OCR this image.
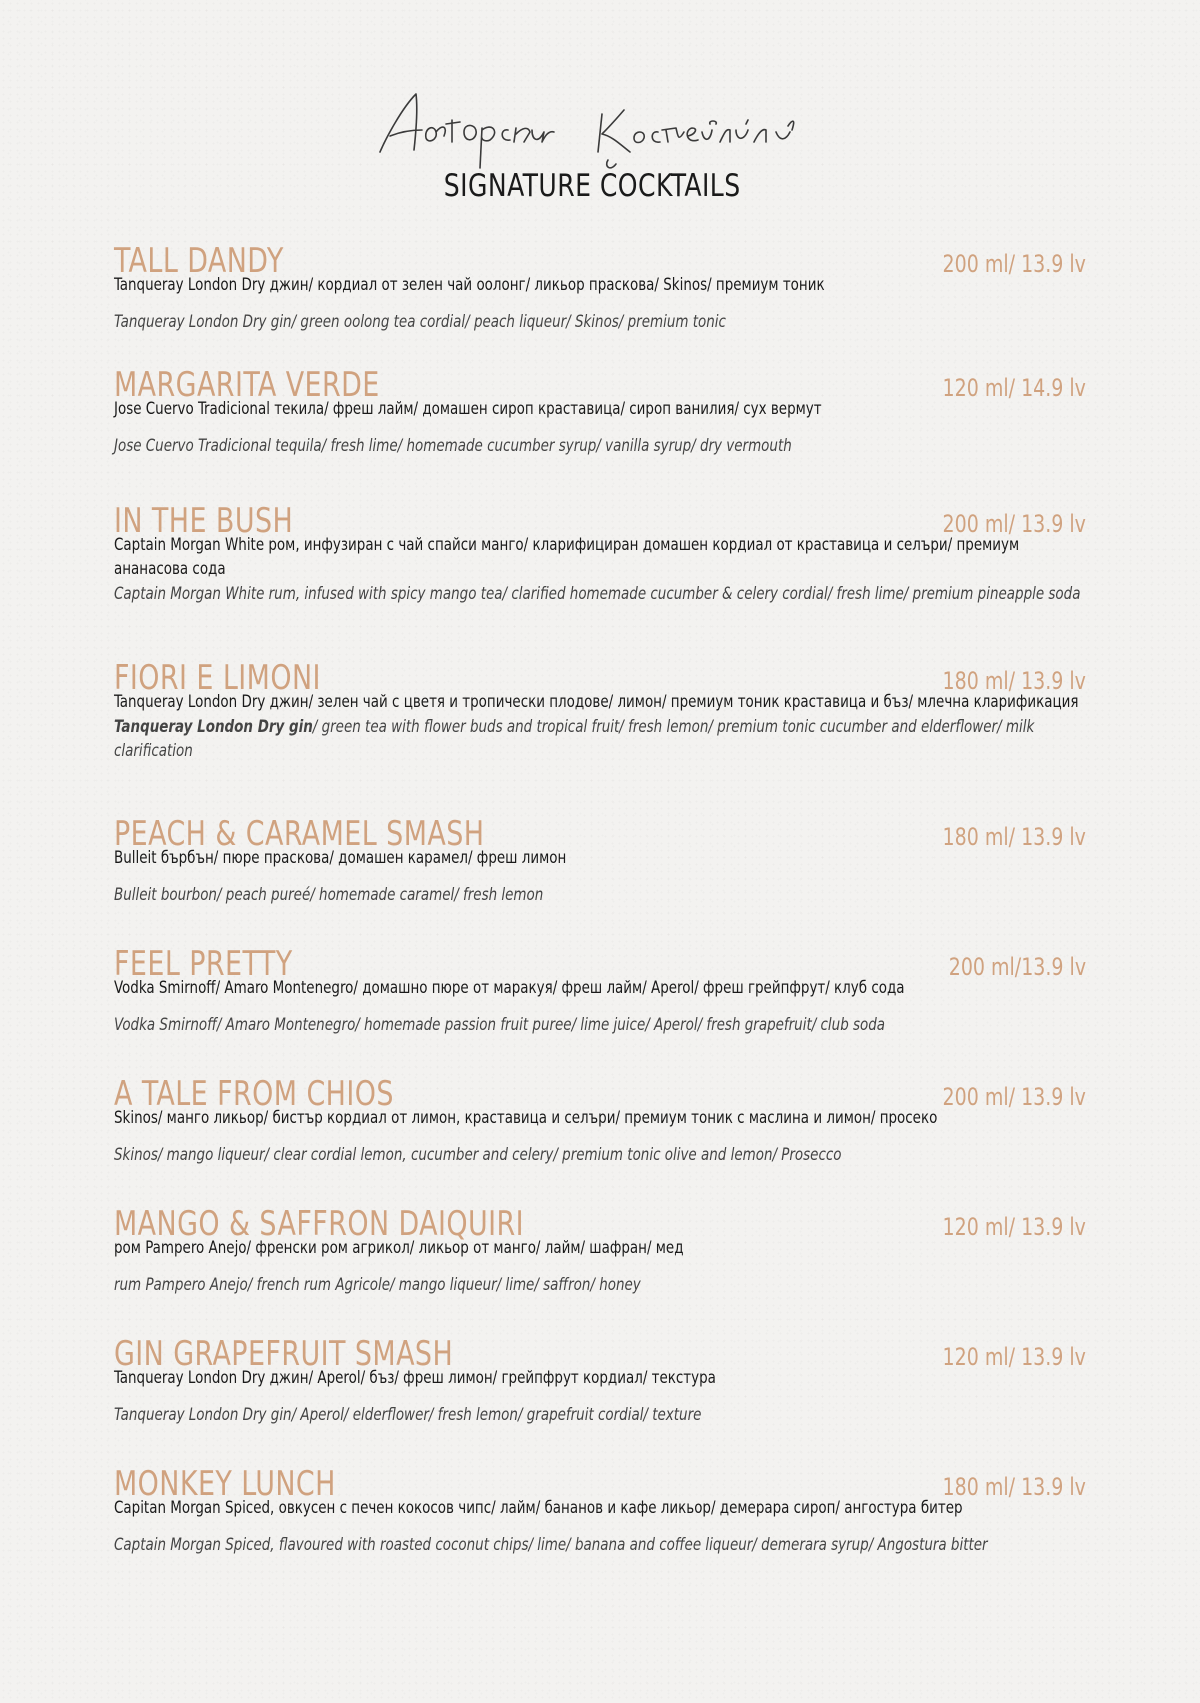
SIGNATURE COCKTAILS
TALL DANDY	200 ml/ 13.9 lv
Tanqueray London Dry джин/ кордиал от зелен чай оолонг/ ликьор праскова/ Skinos/ премиум тоник
Tanqueray London Dry gin/ green oolong tea cordial/ peach liqueur/ Skinos/ premium tonic
MARGARITA VERDE	120 ml/ 14.9 lv
Jose Cuervo Tradicional текила/ фреш лайм/ домашен сироп краставица/ сироп ванилия/ сух вермут
Jose Cuervo Tradicional tequila/ fresh lime/ homemade cucumber syrup/ vanilla syrup/ dry vermouth
IN THE BUSH	200 ml/ 13.9 lv
Captain Morgan White ром, инфузиран с чай спайси манго/ кларифициран домашен кордиал от краставица и селъри/ премиум ананасова сода
Captain Morgan White rum, infused with spicy mango tea/ clarified homemade cucumber & celery cordial/ fresh lime/ premium pineapple soda
FIORI E LIMONI	180 ml/ 13.9 lv
Tanqueray London Dry джин/ зелен чай с цветя и тропически плодове/ лимон/ премиум тоник краставица и бъз/ млечна кларификация
Tanqueray London Dry gin/ green tea with flower buds and tropical fruit/ fresh lemon/ premium tonic cucumber and elderflower/ milk clarification
PEACH & CARAMEL SMASH	180 ml/ 13.9 lv
Bulleit бърбън/ пюре праскова/ домашен карамел/ фреш лимон
Bulleit bourbon/ peach pureé/ homemade caramel/ fresh lemon
FEEL PRETTY	200 ml/13.9 lv
Vodka Smirnoff/ Amaro Montenegro/ домашно пюре от маракуя/ фреш лайм/ Aperol/ фреш грейпфрут/ клуб сода
Vodka Smirnoff/ Amaro Montenegro/ homemade passion fruit puree/ lime juice/ Aperol/ fresh grapefruit/ club soda
A TALE FROM CHIOS	200 ml/ 13.9 lv
Skinos/ манго ликьор/ бистър кордиал от лимон, краставица и селъри/ премиум тоник с маслина и лимон/ просеко
Skinos/ mango liqueur/ clear cordial lemon, cucumber and celery/ premium tonic olive and lemon/ Prosecco
MANGO & SAFFRON DAIQUIRI	120 ml/ 13.9 lv
ром Pampero Anejo/ френски ром агрикол/ ликьор от манго/ лайм/ шафран/ мед
rum Pampero Anejo/ french rum Agricole/ mango liqueur/ lime/ saffron/ honey
GIN GRAPEFRUIT SMASH	120 ml/ 13.9 lv
Tanqueray London Dry джин/ Aperol/ бъз/ фреш лимон/ грейпфрут кордиал/ текстура
Tanqueray London Dry gin/ Aperol/ elderflower/ fresh lemon/ grapefruit cordial/ texture
MONKEY LUNCH	180 ml/ 13.9 lv
Capitan Morgan Spiced, овкусен с печен кокосов чипс/ лайм/ бананов и кафе ликьор/ демерара сироп/ ангостура битер
Captain Morgan Spiced, flavoured with roasted coconut chips/ lime/ banana and coffee liqueur/ demerara syrup/ Angostura bitter
